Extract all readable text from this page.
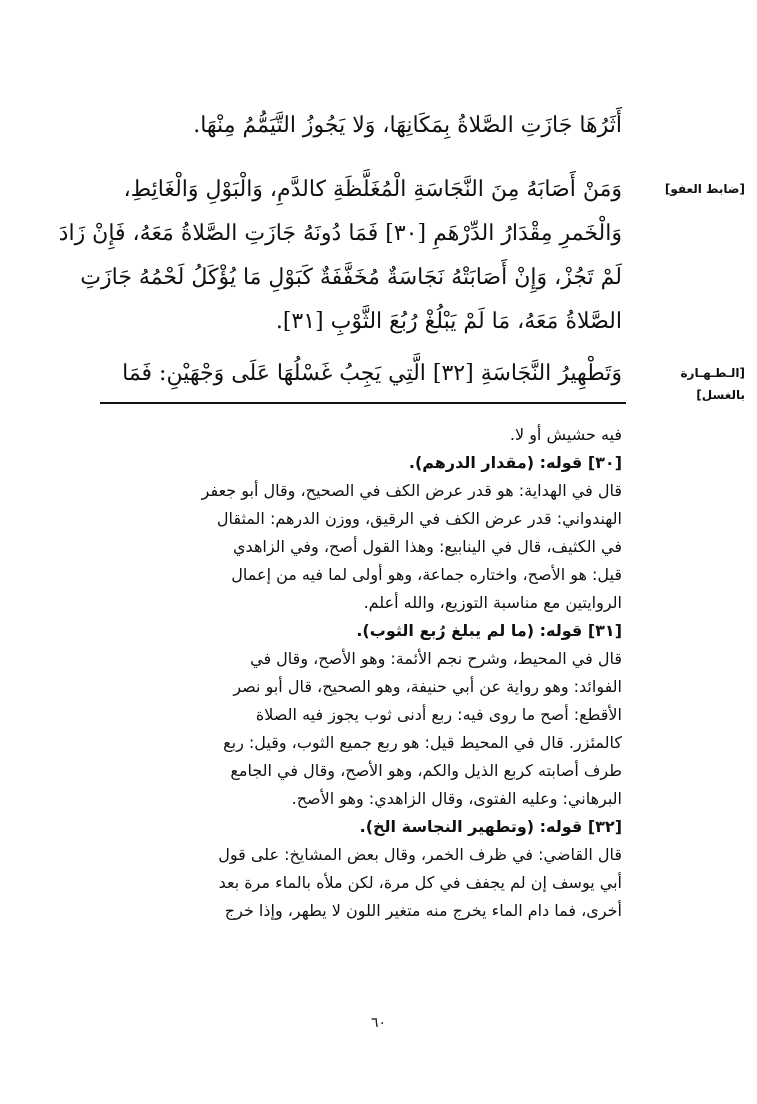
أَثَرُهَا جَازَتِ الصَّلاةُ بِمَكَانِهَا، وَلا يَجُوزُ التَّيَمُّمُ مِنْهَا.
[ضابط العفو]
وَمَنْ أَصَابَهُ مِنَ النَّجَاسَةِ الْمُغَلَّظَةِ كالدَّمِ، وَالْبَوْلِ وَالْغَائِطِ،
وَالْخَمرِ مِقْدَارُ الدِّرْهَمِ [٣٠] فَمَا دُونَهُ جَازَتِ الصَّلاةُ مَعَهُ، فَإِنْ زَادَ
لَمْ تَجُزْ، وَإِنْ أَصَابَتْهُ نَجَاسَةٌ مُخَفَّفَةٌ كَبَوْلِ مَا يُؤْكَلُ لَحْمُهُ جَازَتِ
الصَّلاةُ مَعَهُ، مَا لَمْ يَبْلُغْ رُبُعَ الثَّوْبِ [٣١].
[الـطـهـارة
بالغسل]
وَتَطْهِيرُ النَّجَاسَةِ [٣٢] الَّتِي يَجِبُ غَسْلُهَا عَلَى وَجْهَيْنِ: فَمَا
فيه حشيش أو لا.
[٣٠] قوله: (مقدار الدرهم).
قال في الهداية: هو قدر عرض الكف في الصحيح، وقال أبو جعفر
الهندواني: قدر عرض الكف في الرقيق، ووزن الدرهم: المثقال
في الكثيف، قال في الينابيع: وهذا القول أصح، وفي الزاهدي
قيل: هو الأصح، واختاره جماعة، وهو أولى لما فيه من إعمال
الروايتين مع مناسبة التوزيع، والله أعلم.
[٣١] قوله: (ما لم يبلغ رُبع الثوب).
قال في المحيط، وشرح نجم الأئمة: وهو الأصح، وقال في
الفوائد: وهو رواية عن أبي حنيفة، وهو الصحيح، قال أبو نصر
الأقطع: أصح ما روى فيه: ربع أدنى ثوب يجوز فيه الصلاة
كالمئزر. قال في المحيط قيل: هو ربع جميع الثوب، وقيل: ربع
طرف أصابته كربع الذيل والكم، وهو الأصح، وقال في الجامع
البرهاني: وعليه الفتوى، وقال الزاهدي: وهو الأصح.
[٣٢] قوله: (وتطهير النجاسة الخ).
قال القاضي: في ظرف الخمر، وقال بعض المشايخ: على قول
أبي يوسف إن لم يجفف في كل مرة، لكن ملأه بالماء مرة بعد
أخرى، فما دام الماء يخرج منه متغير اللون لا يطهر، وإذا خرج
٦٠
